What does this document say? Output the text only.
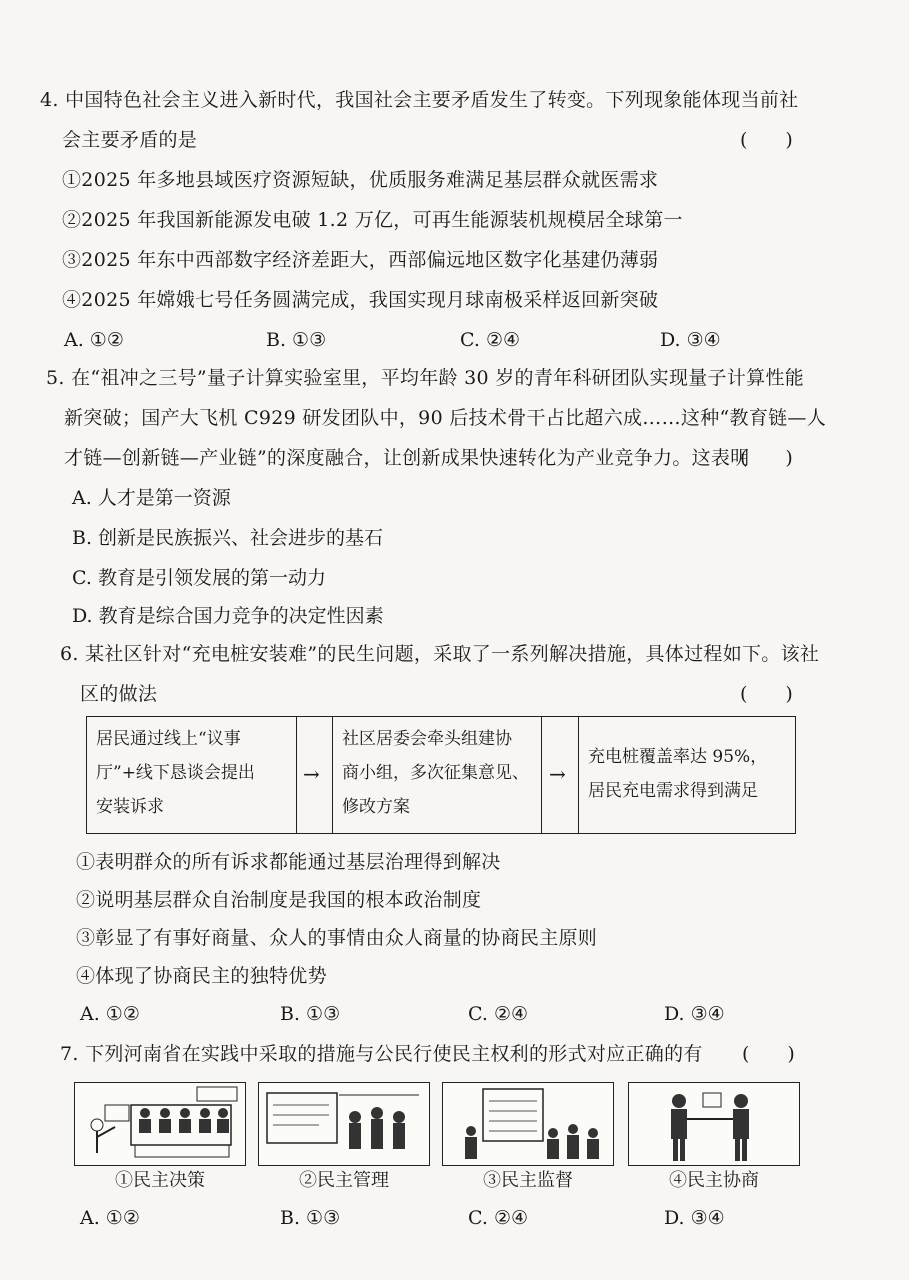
4. 中国特色社会主义进入新时代，我国社会主要矛盾发生了转变。下列现象能体现当前社
会主要矛盾的是	(　　)
①2025 年多地县域医疗资源短缺，优质服务难满足基层群众就医需求
②2025 年我国新能源发电破 1.2 万亿，可再生能源装机规模居全球第一
③2025 年东中西部数字经济差距大，西部偏远地区数字化基建仍薄弱
④2025 年嫦娥七号任务圆满完成，我国实现月球南极采样返回新突破
A. ①②	B. ①③	C. ②④	D. ③④
5. 在“祖冲之三号”量子计算实验室里，平均年龄 30 岁的青年科研团队实现量子计算性能
新突破；国产大飞机 C929 研发团队中，90 后技术骨干占比超六成……这种“教育链—人
才链—创新链—产业链”的深度融合，让创新成果快速转化为产业竞争力。这表明
(　　)
A. 人才是第一资源
B. 创新是民族振兴、社会进步的基石
C. 教育是引领发展的第一动力
D. 教育是综合国力竞争的决定性因素
6. 某社区针对“充电桩安装难”的民生问题，采取了一系列解决措施，具体过程如下。该社
区的做法	(　　)
居民通过线上“议事
厅”+线下恳谈会提出
安装诉求
→
社区居委会牵头组建协
商小组，多次征集意见、
修改方案
→
充电桩覆盖率达 95%，
居民充电需求得到满足
①表明群众的所有诉求都能通过基层治理得到解决
②说明基层群众自治制度是我国的根本政治制度
③彰显了有事好商量、众人的事情由众人商量的协商民主原则
④体现了协商民主的独特优势
A. ①②	B. ①③	C. ②④	D. ③④
7. 下列河南省在实践中采取的措施与公民行使民主权利的形式对应正确的有 (　　)
①民主决策	②民主管理	③民主监督	④民主协商
A. ①②	B. ①③	C. ②④	D. ③④
